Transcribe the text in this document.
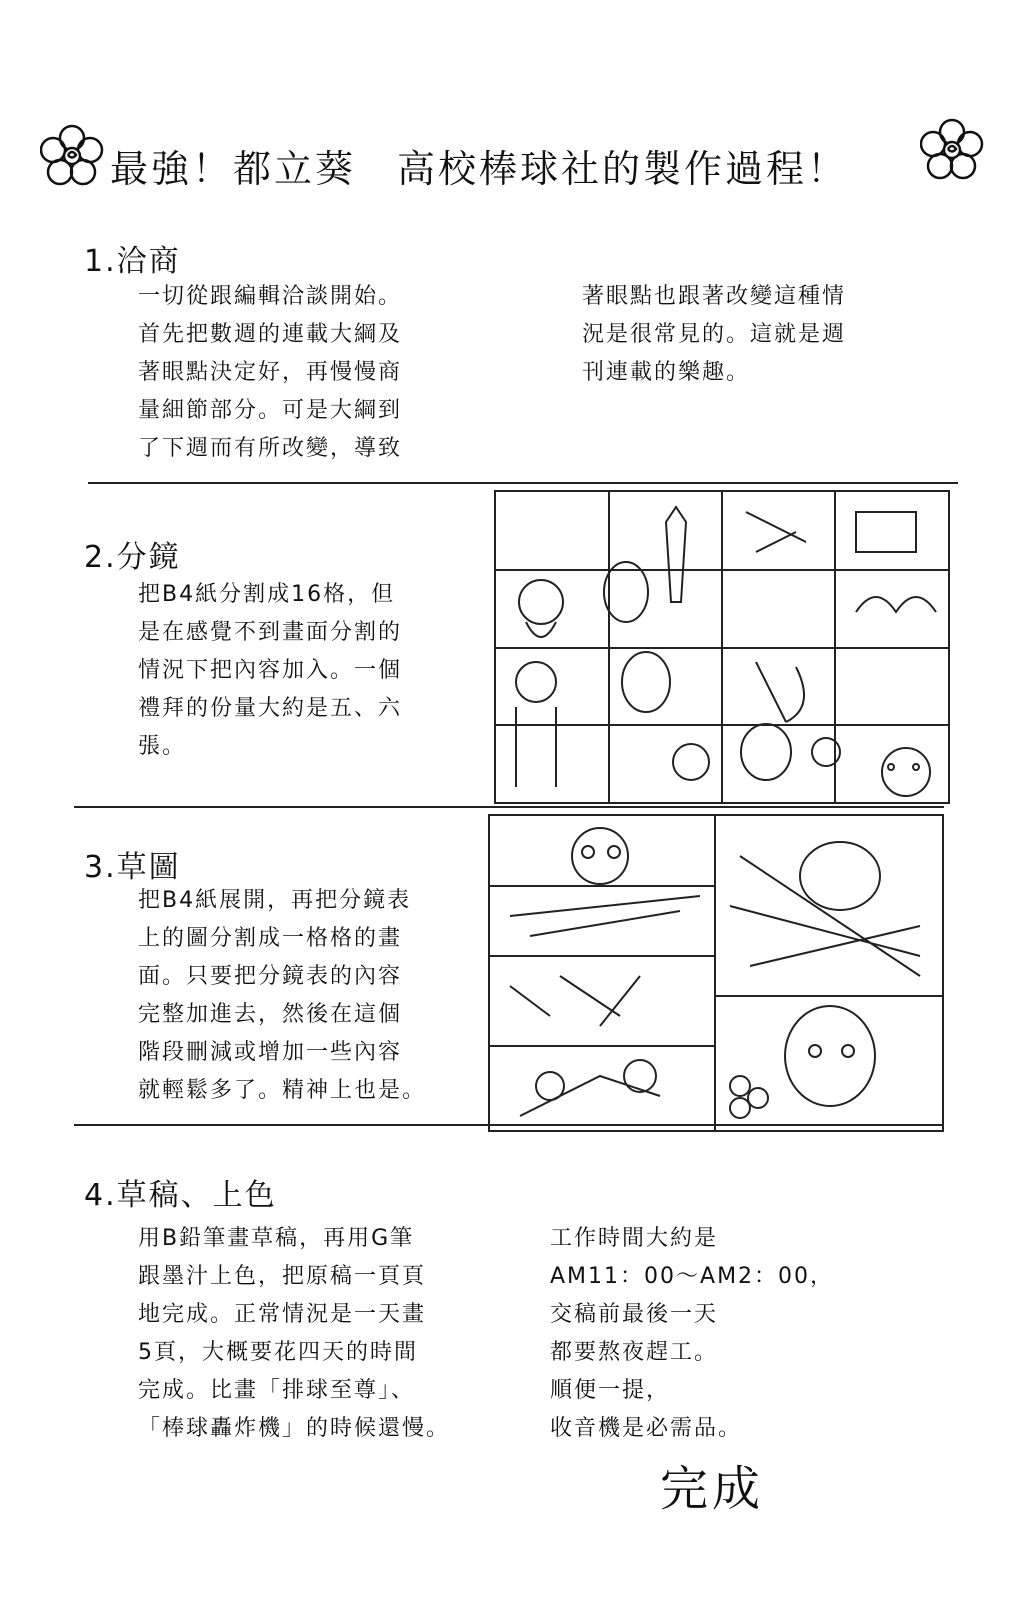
最強！都立葵　高校棒球社的製作過程！
1.洽商
一切從跟編輯洽談開始。
首先把數週的連載大綱及
著眼點決定好，再慢慢商
量細節部分。可是大綱到
了下週而有所改變，導致
著眼點也跟著改變這種情
況是很常見的。這就是週
刊連載的樂趣。
2.分鏡
把B4紙分割成16格，但
是在感覺不到畫面分割的
情況下把內容加入。一個
禮拜的份量大約是五、六
張。
3.草圖
把B4紙展開，再把分鏡表
上的圖分割成一格格的畫
面。只要把分鏡表的內容
完整加進去，然後在這個
階段刪減或增加一些內容
就輕鬆多了。精神上也是。
4.草稿、上色
用B鉛筆畫草稿，再用G筆
跟墨汁上色，把原稿一頁頁
地完成。正常情況是一天畫
5頁，大概要花四天的時間
完成。比畫「排球至尊」、
「棒球轟炸機」的時候還慢。
工作時間大約是
AM11：00～AM2：00，
交稿前最後一天
都要熬夜趕工。
順便一提，
收音機是必需品。
完成
